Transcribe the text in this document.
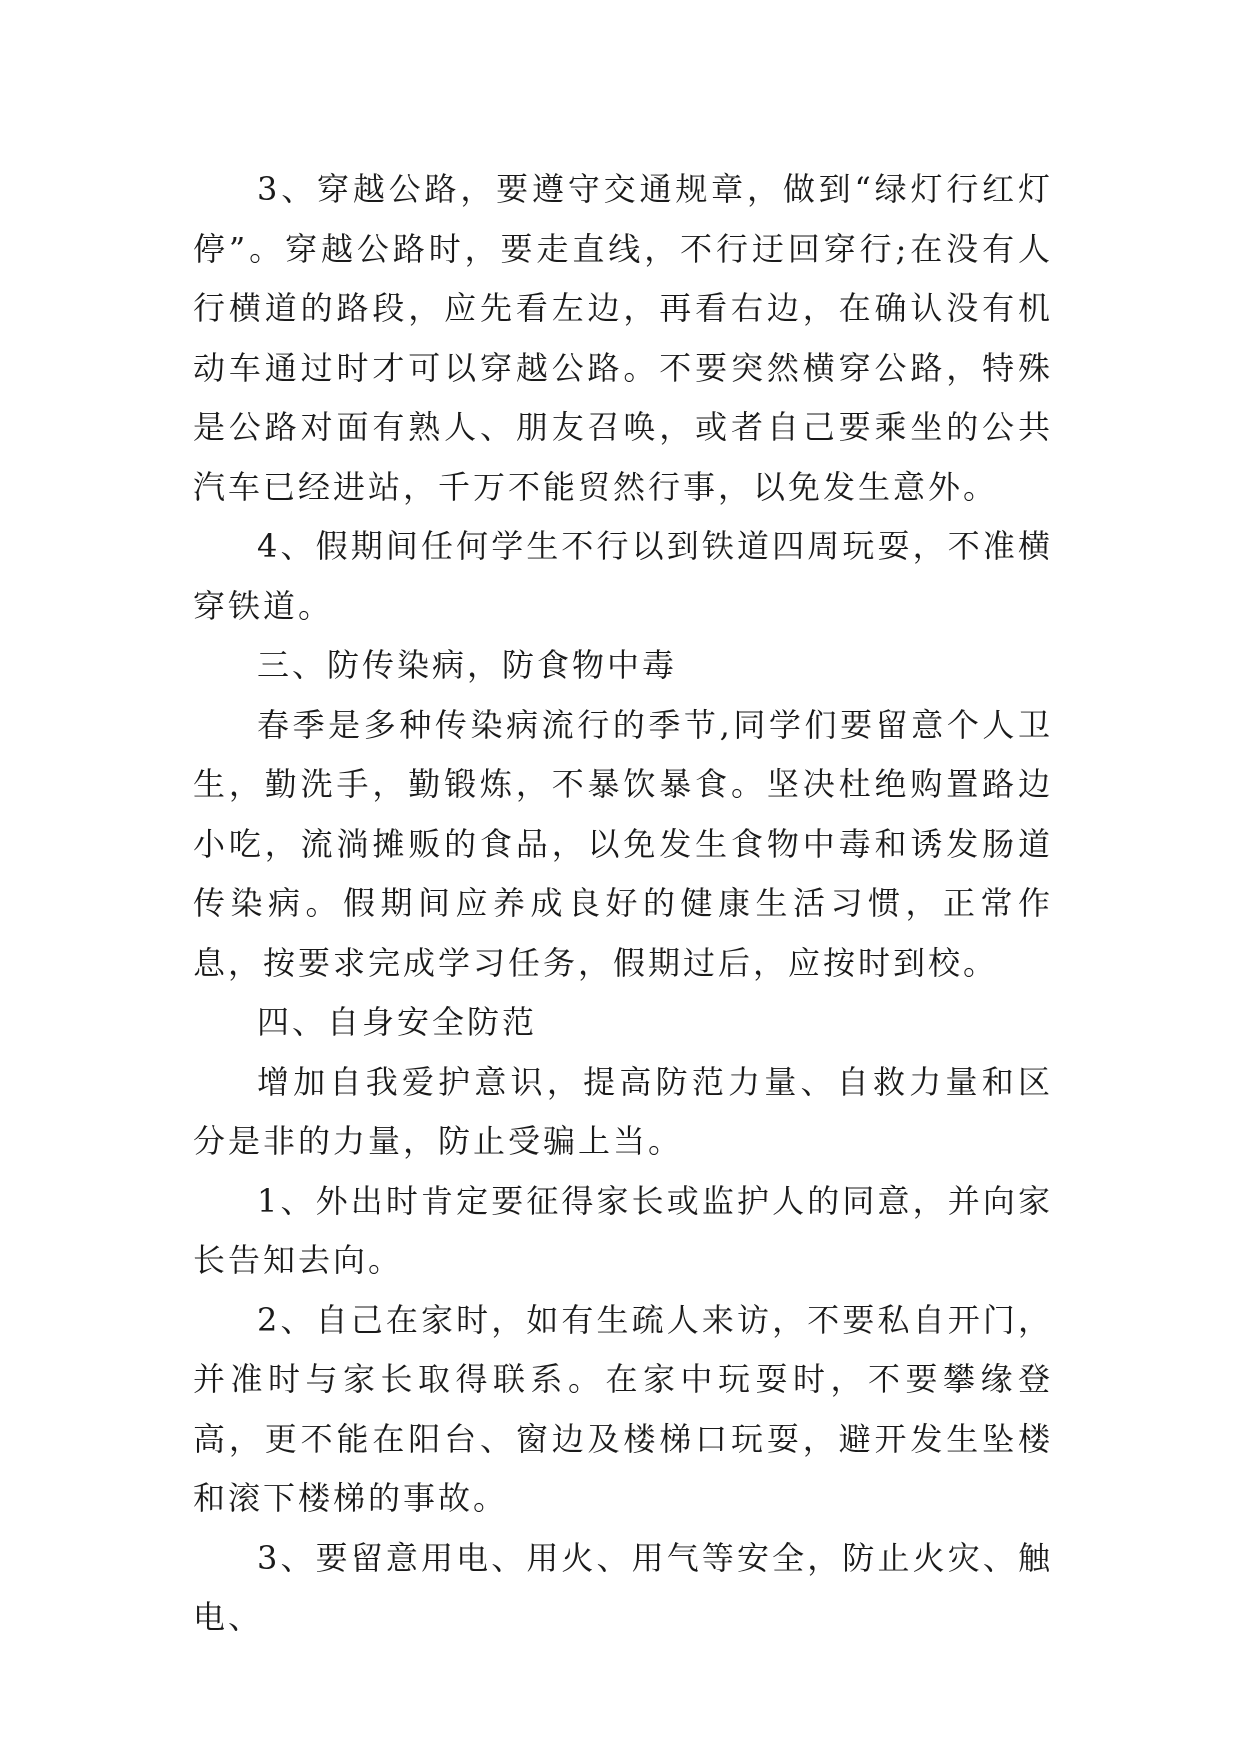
3、穿越公路，要遵守交通规章，做到“绿灯行红灯停”。穿越公路时，要走直线，不行迂回穿行;在没有人行横道的路段，应先看左边，再看右边，在确认没有机动车通过时才可以穿越公路。不要突然横穿公路，特殊是公路对面有熟人、朋友召唤，或者自己要乘坐的公共汽车已经进站，千万不能贸然行事，以免发生意外。

4、假期间任何学生不行以到铁道四周玩耍，不准横穿铁道。

三、防传染病，防食物中毒

春季是多种传染病流行的季节,同学们要留意个人卫生，勤洗手，勤锻炼，不暴饮暴食。坚决杜绝购置路边小吃，流淌摊贩的食品，以免发生食物中毒和诱发肠道传染病。假期间应养成良好的健康生活习惯，正常作息，按要求完成学习任务，假期过后，应按时到校。

四、自身安全防范

增加自我爱护意识，提高防范力量、自救力量和区分是非的力量，防止受骗上当。

1、外出时肯定要征得家长或监护人的同意，并向家长告知去向。

2、自己在家时，如有生疏人来访，不要私自开门，并准时与家长取得联系。在家中玩耍时，不要攀缘登高，更不能在阳台、窗边及楼梯口玩耍，避开发生坠楼和滚下楼梯的事故。

3、要留意用电、用火、用气等安全，防止火灾、触电、
